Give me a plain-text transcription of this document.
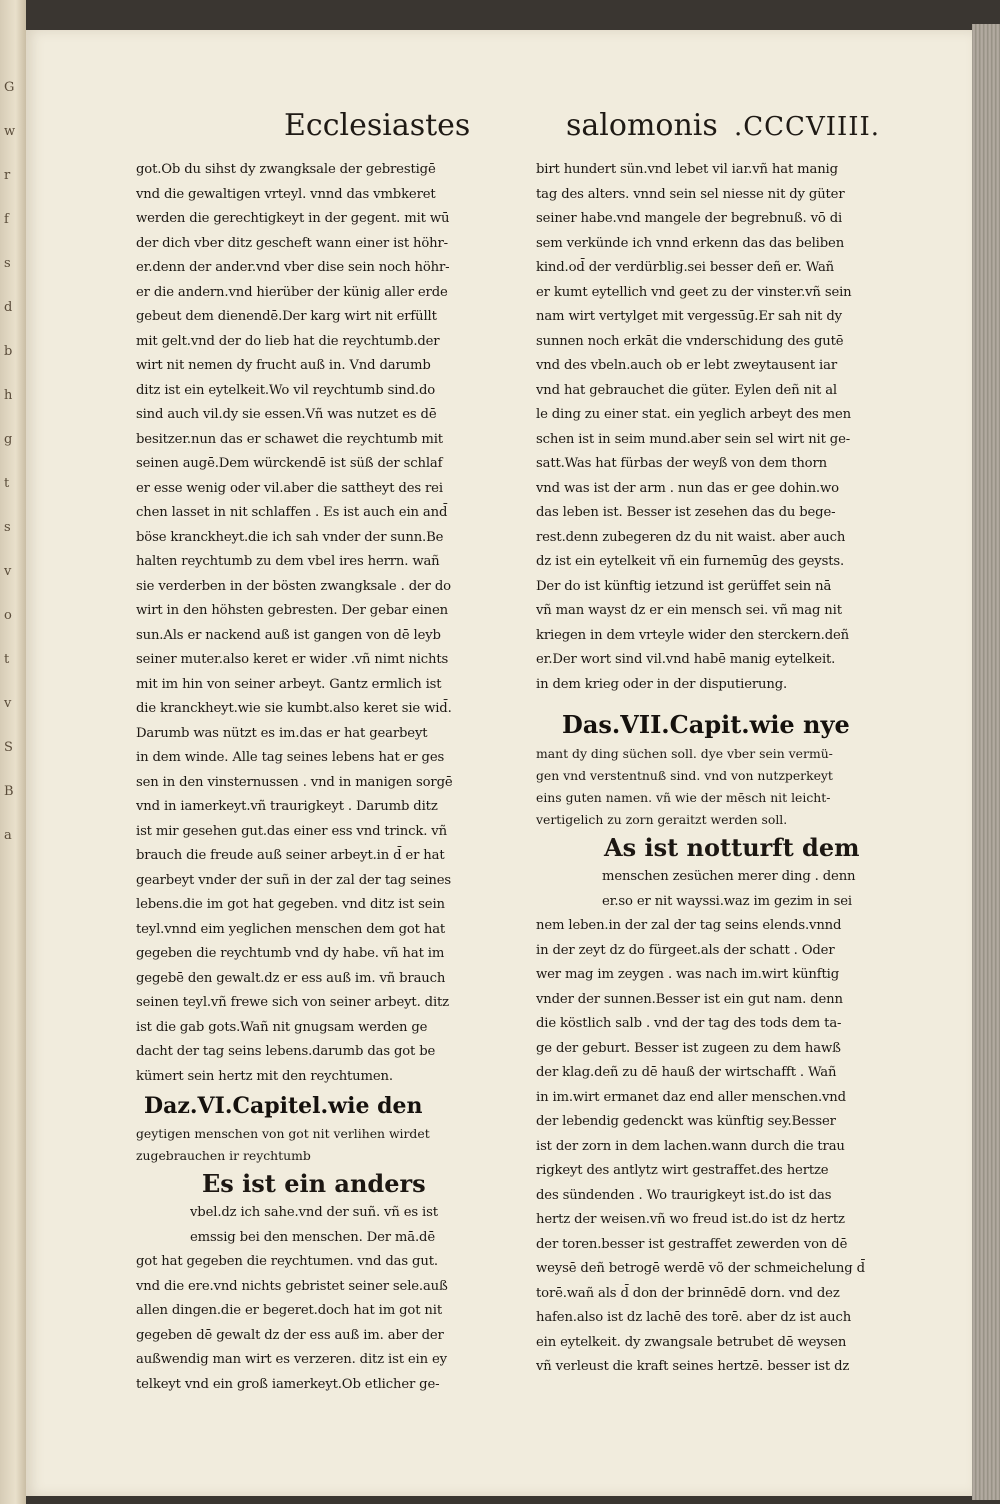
G
w
r
f
s
d
b
h
g
t
s
v
o
t
v
S
B
a
Ecclesiastes	salomonis .CCCVIIII.
got.Ob du sihst dy zwangksale der gebrestigē
vnd die gewaltigen vrteyl. vnnd das vmbkeret
werden die gerechtigkeyt in der gegent. mit wū
der dich vber ditz gescheft wann einer ist höhr-
er.denn der ander.vnd vber dise sein noch höhr-
er die andern.vnd hierüber der künig aller erde
gebeut dem dienendē.Der karg wirt nit erfüllt
mit gelt.vnd der do lieb hat die reychtumb.der
wirt nit nemen dy frucht auß in. Vnd darumb
ditz ist ein eytelkeit.Wo vil reychtumb sind.do
sind auch vil.dy sie essen.Vñ was nutzet es dē
besitzer.nun das er schawet die reychtumb mit
seinen augē.Dem würckendē ist süß der schlaf
er esse wenig oder vil.aber die sattheyt des rei
chen lasset in nit schlaffen . Es ist auch ein and̄
böse kranckheyt.die ich sah vnder der sunn.Be
halten reychtumb zu dem vbel ires herrn. wañ
sie verderben in der bösten zwangksale . der do
wirt in den höhsten gebresten. Der gebar einen
sun.Als er nackend auß ist gangen von dē leyb
seiner muter.also keret er wider .vñ nimt nichts
mit im hin von seiner arbeyt. Gantz ermlich ist
die kranckheyt.wie sie kumbt.also keret sie wid̄.
Darumb was nützt es im.das er hat gearbeyt
in dem winde. Alle tag seines lebens hat er ges
sen in den vinsternussen . vnd in manigen sorgē
vnd in iamerkeyt.vñ traurigkeyt . Darumb ditz
ist mir gesehen gut.das einer ess vnd trinck. vñ
brauch die freude auß seiner arbeyt.in d̄ er hat
gearbeyt vnder der suñ in der zal der tag seines
lebens.die im got hat gegeben. vnd ditz ist sein
teyl.vnnd eim yeglichen menschen dem got hat
gegeben die reychtumb vnd dy habe. vñ hat im
gegebē den gewalt.dz er ess auß im. vñ brauch
seinen teyl.vñ frewe sich von seiner arbeyt. ditz
ist die gab gots.Wañ nit gnugsam werden ge
dacht der tag seins lebens.darumb das got be
kümert sein hertz mit den reychtumen.
Daz.VI.Capitel.wie den
geytigen menschen von got nit verlihen wirdet
zugebrauchen ir reychtumb
Es ist ein anders
vbel.dz ich sahe.vnd der suñ. vñ es ist
emssig bei den menschen. Der mā.dē
got hat gegeben die reychtumen. vnd das gut.
vnd die ere.vnd nichts gebristet seiner sele.auß
allen dingen.die er begeret.doch hat im got nit
gegeben dē gewalt dz der ess auß im. aber der
außwendig man wirt es verzeren. ditz ist ein ey
telkeyt vnd ein groß iamerkeyt.Ob etlicher ge-
birt hundert sün.vnd lebet vil iar.vñ hat manig
tag des alters. vnnd sein sel niesse nit dy güter
seiner habe.vnd mangele der begrebnuß. vō di
sem verkünde ich vnnd erkenn das das beliben
kind.od̄ der verdürblig.sei besser deñ er. Wañ
er kumt eytellich vnd geet zu der vinster.vñ sein
nam wirt vertylget mit vergessūg.Er sah nit dy
sunnen noch erkāt die vnderschidung des gutē
vnd des vbeln.auch ob er lebt zweytausent iar
vnd hat gebrauchet die güter. Eylen deñ nit al
le ding zu einer stat. ein yeglich arbeyt des men
schen ist in seim mund.aber sein sel wirt nit ge-
satt.Was hat fürbas der weyß von dem thorn
vnd was ist der arm . nun das er gee dohin.wo
das leben ist. Besser ist zesehen das du bege-
rest.denn zubegeren dz du nit waist. aber auch
dz ist ein eytelkeit vñ ein furnemūg des geysts.
Der do ist künftig ietzund ist gerüffet sein nā
vñ man wayst dz er ein mensch sei. vñ mag nit
kriegen in dem vrteyle wider den sterckern.deñ
er.Der wort sind vil.vnd habē manig eytelkeit.
in dem krieg oder in der disputierung.
Das.VII.Capit.wie nye
mant dy ding süchen soll. dye vber sein vermü-
gen vnd verstentnuß sind. vnd von nutzperkeyt
eins guten namen. vñ wie der mēsch nit leicht-
vertigelich zu zorn geraitzt werden soll.
As ist notturft dem
menschen zesüchen merer ding . denn
er.so er nit wayssi.waz im gezim in sei
nem leben.in der zal der tag seins elends.vnnd
in der zeyt dz do fürgeet.als der schatt . Oder
wer mag im zeygen . was nach im.wirt künftig
vnder der sunnen.Besser ist ein gut nam. denn
die köstlich salb . vnd der tag des tods dem ta-
ge der geburt. Besser ist zugeen zu dem hawß
der klag.deñ zu dē hauß der wirtschafft . Wañ
in im.wirt ermanet daz end aller menschen.vnd
der lebendig gedenckt was künftig sey.Besser
ist der zorn in dem lachen.wann durch die trau
rigkeyt des antlytz wirt gestraffet.des hertze
des sündenden . Wo traurigkeyt ist.do ist das
hertz der weisen.vñ wo freud ist.do ist dz hertz
der toren.besser ist gestraffet zewerden von dē
weysē deñ betrogē werdē võ der schmeichelung d̄
torē.wañ als d̄ don der brinnēdē dorn. vnd dez
hafen.also ist dz lachē des torē. aber dz ist auch
ein eytelkeit. dy zwangsale betrubet dē weysen
vñ verleust die kraft seines hertzē. besser ist dz
